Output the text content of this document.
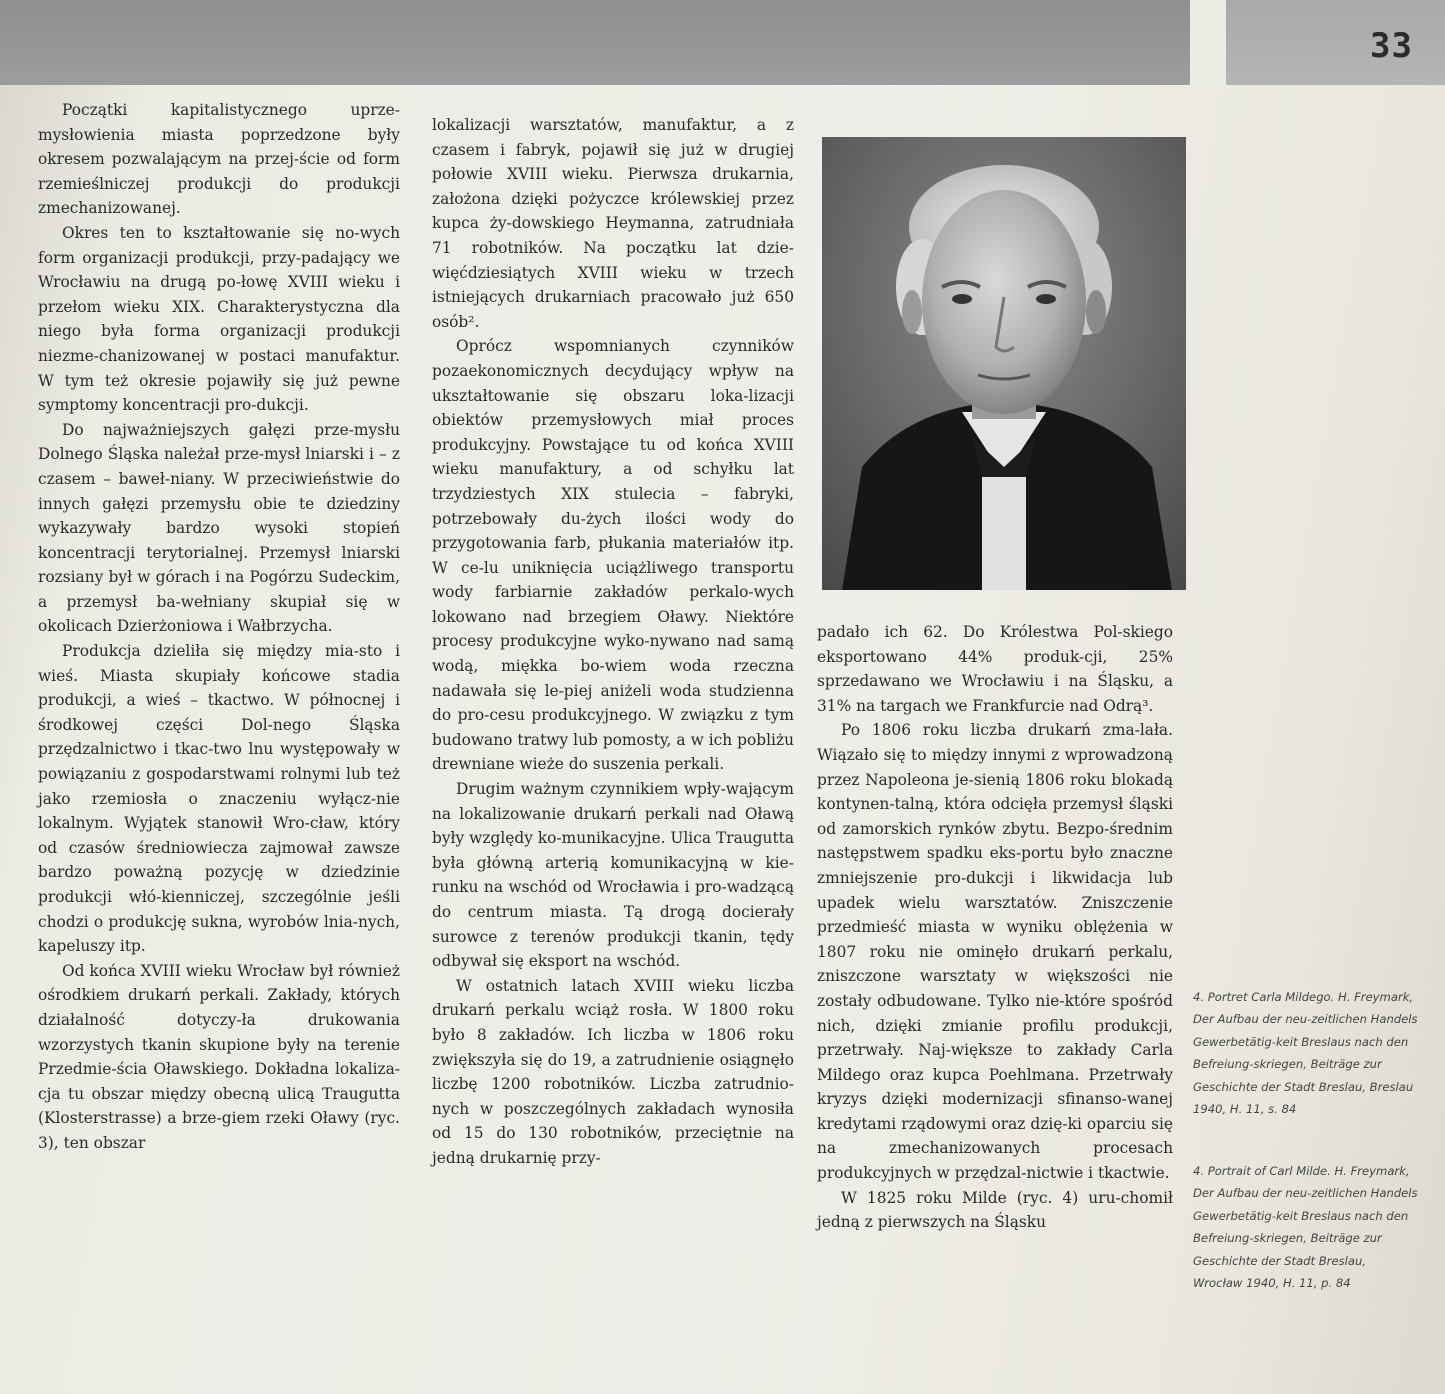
33

Początki kapitalistycznego uprze-mysłowienia miasta poprzedzone były okresem pozwalającym na przej-ście od form rzemieślniczej produkcji do produkcji zmechanizowanej.

Okres ten to kształtowanie się no-wych form organizacji produkcji, przy-padający we Wrocławiu na drugą po-łowę XVIII wieku i przełom wieku XIX. Charakterystyczna dla niego była forma organizacji produkcji niezme-chanizowanej w postaci manufaktur. W tym też okresie pojawiły się już pewne symptomy koncentracji pro-dukcji.

Do najważniejszych gałęzi prze-mysłu Dolnego Śląska należał prze-mysł lniarski i – z czasem – baweł-niany. W przeciwieństwie do innych gałęzi przemysłu obie te dziedziny wykazywały bardzo wysoki stopień koncentracji terytorialnej. Przemysł lniarski rozsiany był w górach i na Pogórzu Sudeckim, a przemysł ba-wełniany skupiał się w okolicach Dzierżoniowa i Wałbrzycha.

Produkcja dzieliła się między mia-sto i wieś. Miasta skupiały końcowe stadia produkcji, a wieś – tkactwo. W północnej i środkowej części Dol-nego Śląska przędzalnictwo i tkac-two lnu występowały w powiązaniu z gospodarstwami rolnymi lub też jako rzemiosła o znaczeniu wyłącz-nie lokalnym. Wyjątek stanowił Wro-cław, który od czasów średniowiecza zajmował zawsze bardzo poważną pozycję w dziedzinie produkcji włó-kienniczej, szczególnie jeśli chodzi o produkcję sukna, wyrobów lnia-nych, kapeluszy itp.

Od końca XVIII wieku Wrocław był również ośrodkiem drukarń perkali. Zakłady, których działalność dotyczy-ła drukowania wzorzystych tkanin skupione były na terenie Przedmie-ścia Oławskiego. Dokładna lokaliza-cja tu obszar między obecną ulicą Traugutta (Klosterstrasse) a brze-giem rzeki Oławy (ryc. 3), ten obszar

lokalizacji warsztatów, manufaktur, a z czasem i fabryk, pojawił się już w drugiej połowie XVIII wieku. Pierwsza drukarnia, założona dzięki pożyczce królewskiej przez kupca ży-dowskiego Heymanna, zatrudniała 71 robotników. Na początku lat dzie-więćdziesiątych XVIII wieku w trzech istniejących drukarniach pracowało już 650 osób².

Oprócz wspomnianych czynników pozaekonomicznych decydujący wpływ na ukształtowanie się obszaru loka-lizacji obiektów przemysłowych miał proces produkcyjny. Powstające tu od końca XVIII wieku manufaktury, a od schyłku lat trzydziestych XIX stulecia – fabryki, potrzebowały du-żych ilości wody do przygotowania farb, płukania materiałów itp. W ce-lu uniknięcia uciążliwego transportu wody farbiarnie zakładów perkalo-wych lokowano nad brzegiem Oławy. Niektóre procesy produkcyjne wyko-nywano nad samą wodą, miękka bo-wiem woda rzeczna nadawała się le-piej aniżeli woda studzienna do pro-cesu produkcyjnego. W związku z tym budowano tratwy lub pomosty, a w ich pobliżu drewniane wieże do suszenia perkali.

Drugim ważnym czynnikiem wpły-wającym na lokalizowanie drukarń perkali nad Oławą były względy ko-munikacyjne. Ulica Traugutta była główną arterią komunikacyjną w kie-runku na wschód od Wrocławia i pro-wadzącą do centrum miasta. Tą drogą docierały surowce z terenów produkcji tkanin, tędy odbywał się eksport na wschód.

W ostatnich latach XVIII wieku liczba drukarń perkalu wciąż rosła. W 1800 roku było 8 zakładów. Ich liczba w 1806 roku zwiększyła się do 19, a zatrudnienie osiągnęło liczbę 1200 robotników. Liczba zatrudnio-nych w poszczególnych zakładach wynosiła od 15 do 130 robotników, przeciętnie na jedną drukarnię przy-

padało ich 62. Do Królestwa Pol-skiego eksportowano 44% produk-cji, 25% sprzedawano we Wrocławiu i na Śląsku, a 31% na targach we Frankfurcie nad Odrą³.

Po 1806 roku liczba drukarń zma-lała. Wiązało się to między innymi z wprowadzoną przez Napoleona je-sienią 1806 roku blokadą kontynen-talną, która odcięła przemysł śląski od zamorskich rynków zbytu. Bezpo-średnim następstwem spadku eks-portu było znaczne zmniejszenie pro-dukcji i likwidacja lub upadek wielu warsztatów. Zniszczenie przedmieść miasta w wyniku oblężenia w 1807 roku nie ominęło drukarń perkalu, zniszczone warsztaty w większości nie zostały odbudowane. Tylko nie-które spośród nich, dzięki zmianie profilu produkcji, przetrwały. Naj-większe to zakłady Carla Mildego oraz kupca Poehlmana. Przetrwały kryzys dzięki modernizacji sfinanso-wanej kredytami rządowymi oraz dzię-ki oparciu się na zmechanizowanych procesach produkcyjnych w przędzal-nictwie i tkactwie.

W 1825 roku Milde (ryc. 4) uru-chomił jedną z pierwszych na Śląsku

4. Portret Carla Mildego. H. Freymark, Der Aufbau der neu-zeitlichen Handels Gewerbetätig-keit Breslaus nach den Befreiung-skriegen, Beiträge zur Geschichte der Stadt Breslau, Breslau 1940, H. 11, s. 84
4. Portrait of Carl Milde. H. Freymark, Der Aufbau der neu-zeitlichen Handels Gewerbetätig-keit Breslaus nach den Befreiung-skriegen, Beiträge zur Geschichte der Stadt Breslau, Wrocław 1940, H. 11, p. 84
